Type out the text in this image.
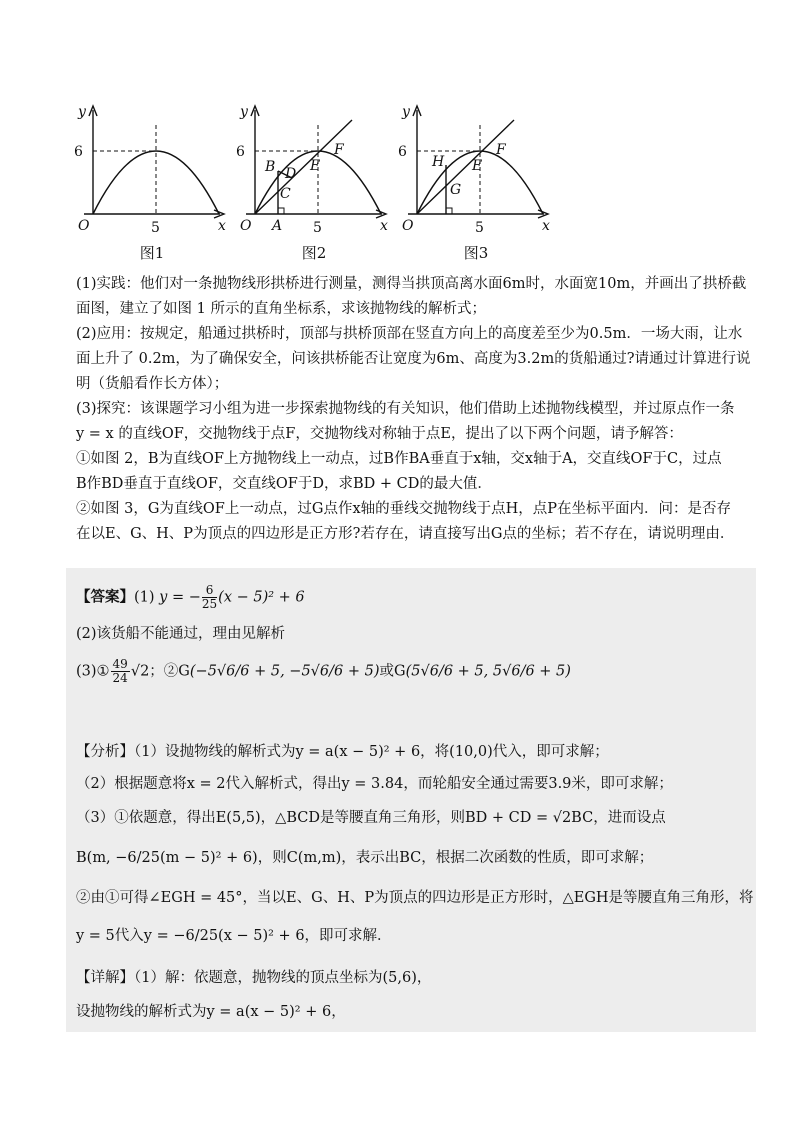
y
6
O	5	x
图1
y
6
O	5	x
B D E
F
C
A
图2
y
6
O	5	x
H E
F
G
图3
(1)实践：他们对一条抛物线形拱桥进行测量，测得当拱顶高离水面6m时，水面宽10m，并画出了拱桥截
面图，建立了如图 1 所示的直角坐标系，求该抛物线的解析式；
(2)应用：按规定，船通过拱桥时，顶部与拱桥顶部在竖直方向上的高度差至少为0.5m．一场大雨，让水
面上升了 0.2m，为了确保安全，问该拱桥能否让宽度为6m、高度为3.2m的货船通过?请通过计算进行说
明（货船看作长方体）；
(3)探究：该课题学习小组为进一步探索抛物线的有关知识，他们借助上述抛物线模型，并过原点作一条
y = x 的直线OF，交抛物线于点F，交抛物线对称轴于点E，提出了以下两个问题，请予解答：
①如图 2，B为直线OF上方抛物线上一动点，过B作BA垂直于x轴，交x轴于A，交直线OF于C，过点
B作BD垂直于直线OF，交直线OF于D，求BD + CD的最大值．
②如图 3，G为直线OF上一动点，过G点作x轴的垂线交抛物线于点H，点P在坐标平面内．问：是否存
在以E、G、H、P为顶点的四边形是正方形?若存在，请直接写出G点的坐标；若不存在，请说明理由．
【答案】(1) y = − $\frac{6}{25} (x - 5)^2 + 6$
(2)该货船不能通过，理由见解析
(3)① $\frac{49}{24} √2$；②G(−5√6/6 + 5, −5√6/6 + 5)或G(5√6/6 + 5, 5√6/6 + 5)
【分析】（1）设抛物线的解析式为y = a(x − 5)² + 6，将(10,0)代入，即可求解；
（2）根据题意将x = 2代入解析式，得出y = 3.84，而轮船安全通过需要3.9米，即可求解；
（3）①依题意，得出E(5,5)，△BCD是等腰直角三角形，则BD + CD = √2BC，进而设点
B(m, −6/25(m − 5)² + 6)，则C(m,m)，表示出BC，根据二次函数的性质，即可求解；
②由①可得∠EGH = 45°，当以E、G、H、P为顶点的四边形是正方形时，△EGH是等腰直角三角形，将
y = 5代入y = −6/25(x − 5)² + 6，即可求解．
【详解】（1）解：依题意，抛物线的顶点坐标为(5,6)，
设抛物线的解析式为y = a(x − 5)² + 6，
